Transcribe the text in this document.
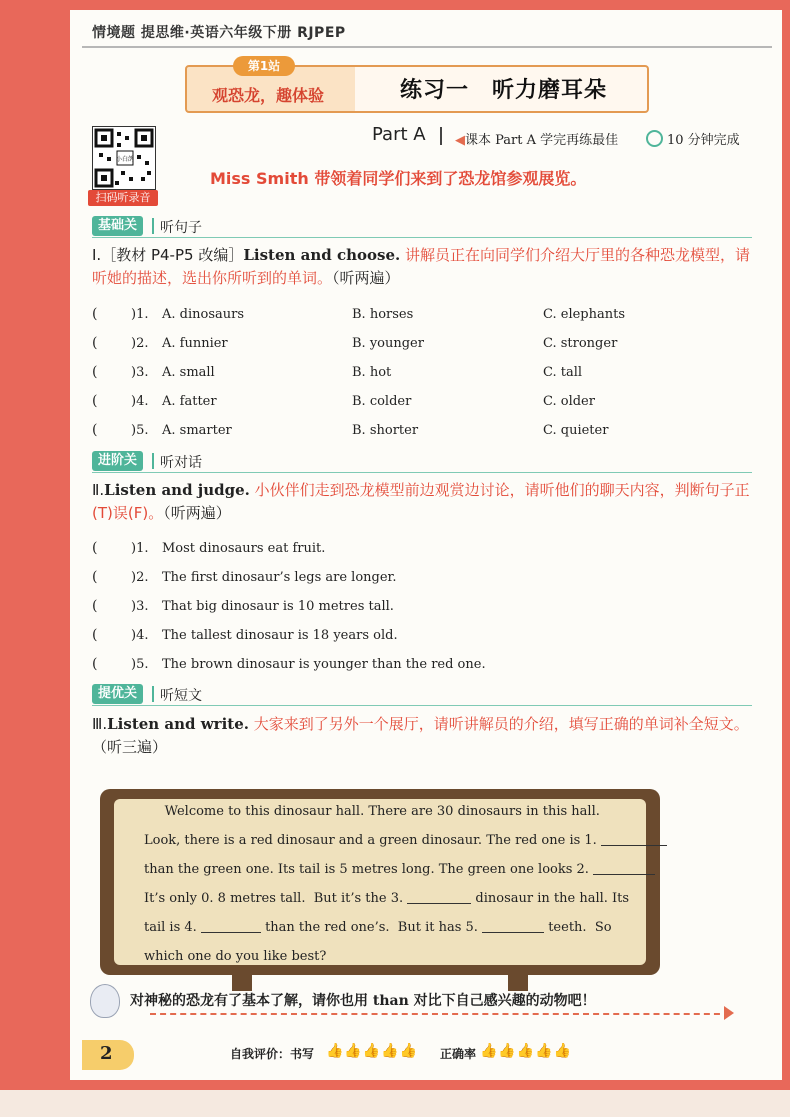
情境题 提思维·英语六年级下册 RJPEP
第1站
观恐龙，趣体验	练习一　听力磨耳朵
小白鸽
扫码听录音
Part A ◀课本 Part A 学完再练最佳	10 分钟完成
Miss Smith 带领着同学们来到了恐龙馆参观展览。
基础关	听句子
Ⅰ.［教材 P4-P5 改编］Listen and choose. 讲解员正在向同学们介绍大厅里的各种恐龙模型，请听她的描述，选出你所听到的单词。（听两遍）
(	)1. A. dinosaurs	B. horses	C. elephants
(	)2. A. funnier	B. younger	C. stronger
(	)3. A. small	B. hot	C. tall
(	)4. A. fatter	B. colder	C. older
(	)5. A. smarter	B. shorter	C. quieter
进阶关	听对话
Ⅱ.Listen and judge. 小伙伴们走到恐龙模型前边观赏边讨论，请听他们的聊天内容，判断句子正(T)误(F)。（听两遍）
(	)1. Most dinosaurs eat fruit.
(	)2. The first dinosaur’s legs are longer.
(	)3. That big dinosaur is 10 metres tall.
(	)4. The tallest dinosaur is 18 years old.
(	)5. The brown dinosaur is younger than the red one.
提优关	听短文
Ⅲ.Listen and write. 大家来到了另外一个展厅，请听讲解员的介绍，填写正确的单词补全短文。（听三遍）
Welcome to this dinosaur hall. There are 30 dinosaurs in this hall.
Look, there is a red dinosaur and a green dinosaur. The red one is 1.
than the green one. Its tail is 5 metres long. The green one looks 2.
It’s only 0. 8 metres tall.  But it’s the 3.	dinosaur in the hall. Its
tail is 4.	than the red one’s.  But it has 5.	teeth.  So
which one do you like best?
对神秘的恐龙有了基本了解，请你也用 than 对比下自己感兴趣的动物吧！
2	自我评价：书写 👍👍👍👍👍 正确率 👍👍👍👍👍
